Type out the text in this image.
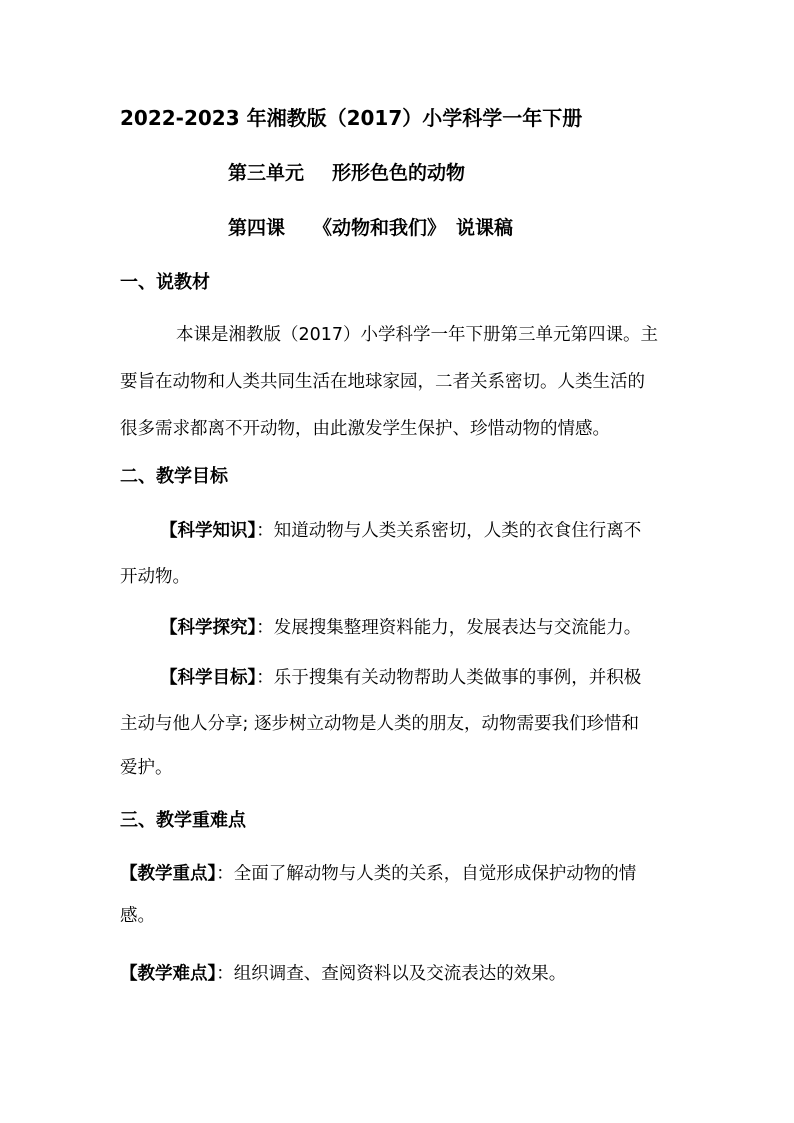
2022-2023 年湘教版（2017）小学科学一年下册
第三单元 形形色色的动物
第四课 《动物和我们》 说课稿
一、说教材
本课是湘教版（2017）小学科学一年下册第三单元第四课。主
要旨在动物和人类共同生活在地球家园，二者关系密切。人类生活的
很多需求都离不开动物，由此激发学生保护、珍惜动物的情感。
二、教学目标
【科学知识】：知道动物与人类关系密切，人类的衣食住行离不
开动物。
【科学探究】：发展搜集整理资料能力，发展表达与交流能力。
【科学目标】：乐于搜集有关动物帮助人类做事的事例，并积极
主动与他人分享; 逐步树立动物是人类的朋友，动物需要我们珍惜和
爱护。
三、教学重难点
【教学重点】：全面了解动物与人类的关系，自觉形成保护动物的情
感。
【教学难点】：组织调查、查阅资料以及交流表达的效果。
